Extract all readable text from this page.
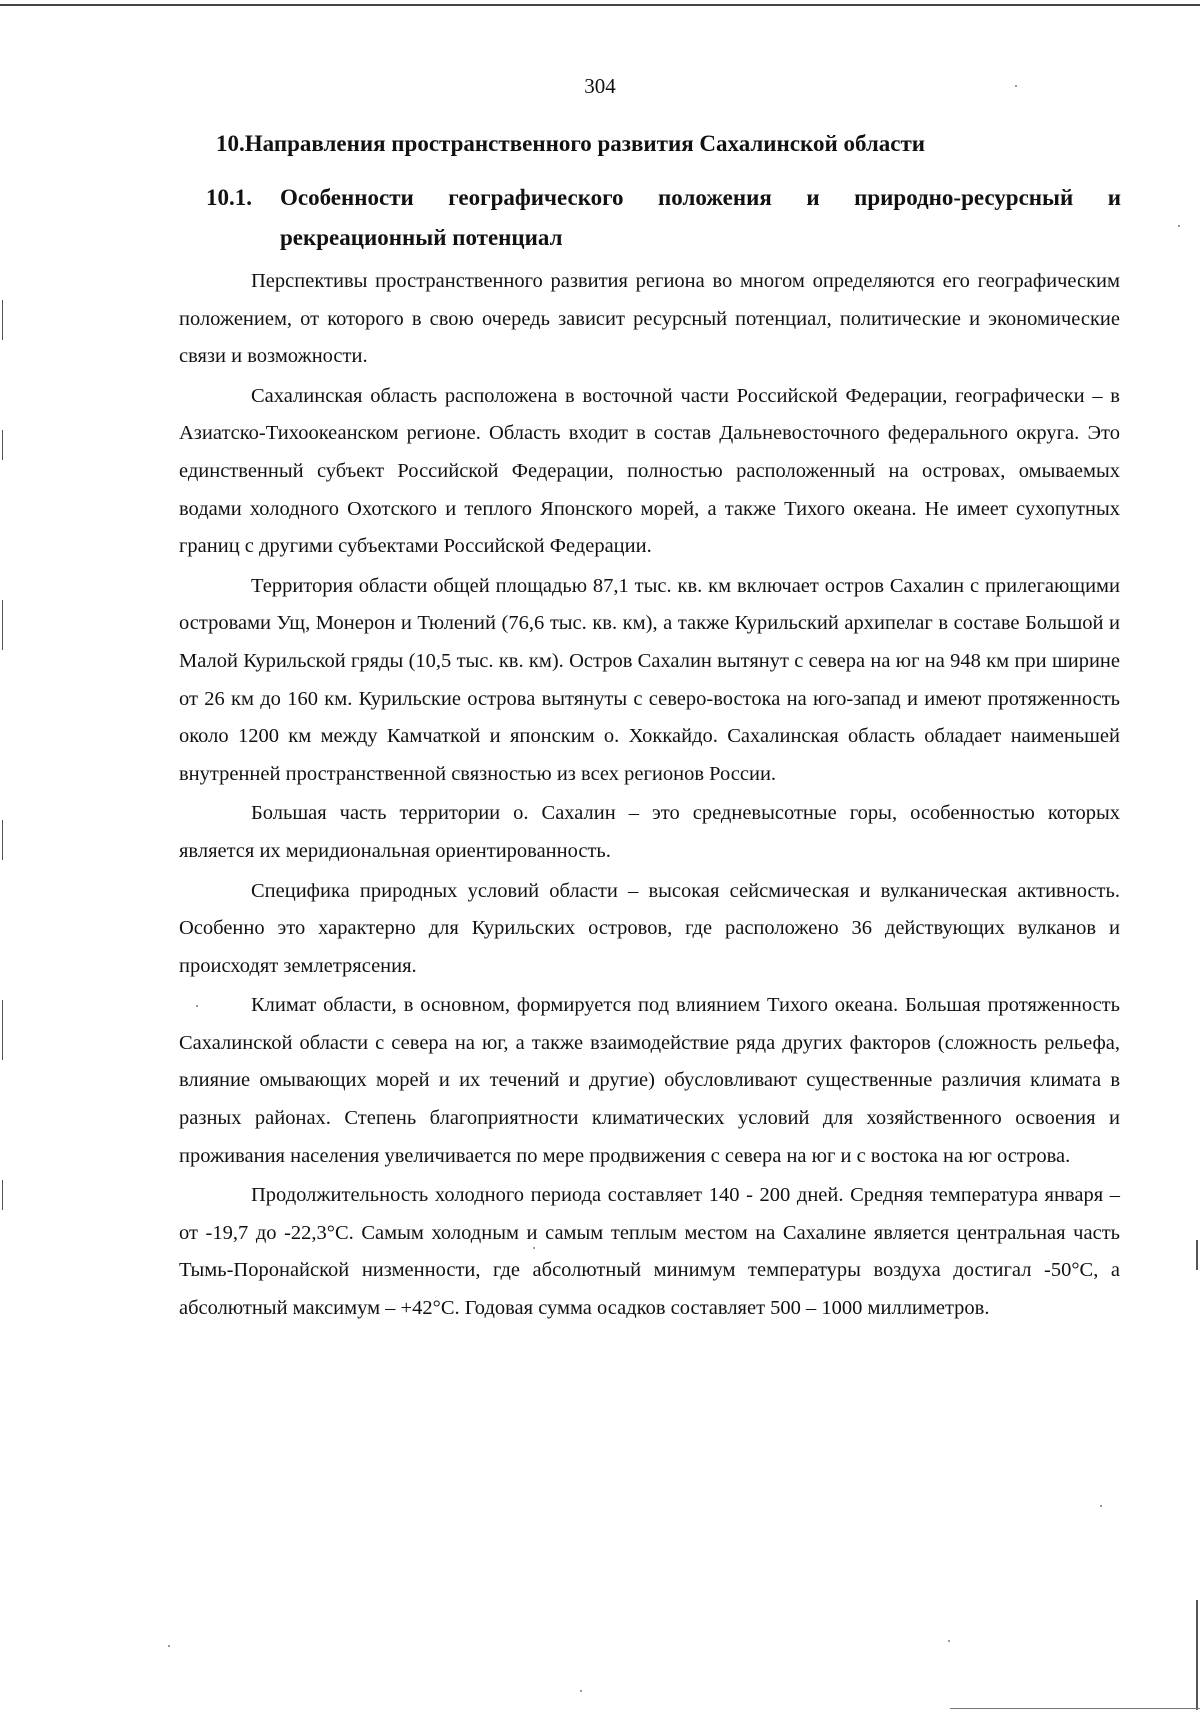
304
10.Направления пространственного развития Сахалинской области
10.1.	Особенности географического положения и природно-ресурсный и рекреационный потенциал

Перспективы пространственного развития региона во многом определяются его географическим положением, от которого в свою очередь зависит ресурсный потенциал, политические и экономические связи и возможности.

Сахалинская область расположена в восточной части Российской Федерации, географически – в Азиатско-Тихоокеанском регионе. Область входит в состав Дальневосточного федерального округа. Это единственный субъект Российской Федерации, полностью расположенный на островах, омываемых водами холодного Охотского и теплого Японского морей, а также Тихого океана. Не имеет сухопутных границ с другими субъектами Российской Федерации.

Территория области общей площадью 87,1 тыс. кв. км включает остров Сахалин с прилегающими островами Ущ, Монерон и Тюлений (76,6 тыс. кв. км), а также Курильский архипелаг в составе Большой и Малой Курильской гряды (10,5 тыс. кв. км). Остров Сахалин вытянут с севера на юг на 948 км при ширине от 26 км до 160 км. Курильские острова вытянуты с северо-востока на юго-запад и имеют протяженность около 1200 км между Камчаткой и японским о. Хоккайдо. Сахалинская область обладает наименьшей внутренней пространственной связностью из всех регионов России.

Большая часть территории о. Сахалин – это средневысотные горы, особенностью которых является их меридиональная ориентированность.

Специфика природных условий области – высокая сейсмическая и вулканическая активность. Особенно это характерно для Курильских островов, где расположено 36 действующих вулканов и происходят землетрясения.

Климат области, в основном, формируется под влиянием Тихого океана. Большая протяженность Сахалинской области с севера на юг, а также взаимодействие ряда других факторов (сложность рельефа, влияние омывающих морей и их течений и другие) обусловливают существенные различия климата в разных районах. Степень благоприятности климатических условий для хозяйственного освоения и проживания населения увеличивается по мере продвижения с севера на юг и с востока на юг острова.

Продолжительность холодного периода составляет 140 - 200 дней. Средняя температура января – от -19,7 до -22,3°С. Самым холодным и самым теплым местом на Сахалине является центральная часть Тымь-Поронайской низменности, где абсолютный минимум температуры воздуха достигал -50°С, а абсолютный максимум – +42°С. Годовая сумма осадков составляет 500 – 1000 миллиметров.
